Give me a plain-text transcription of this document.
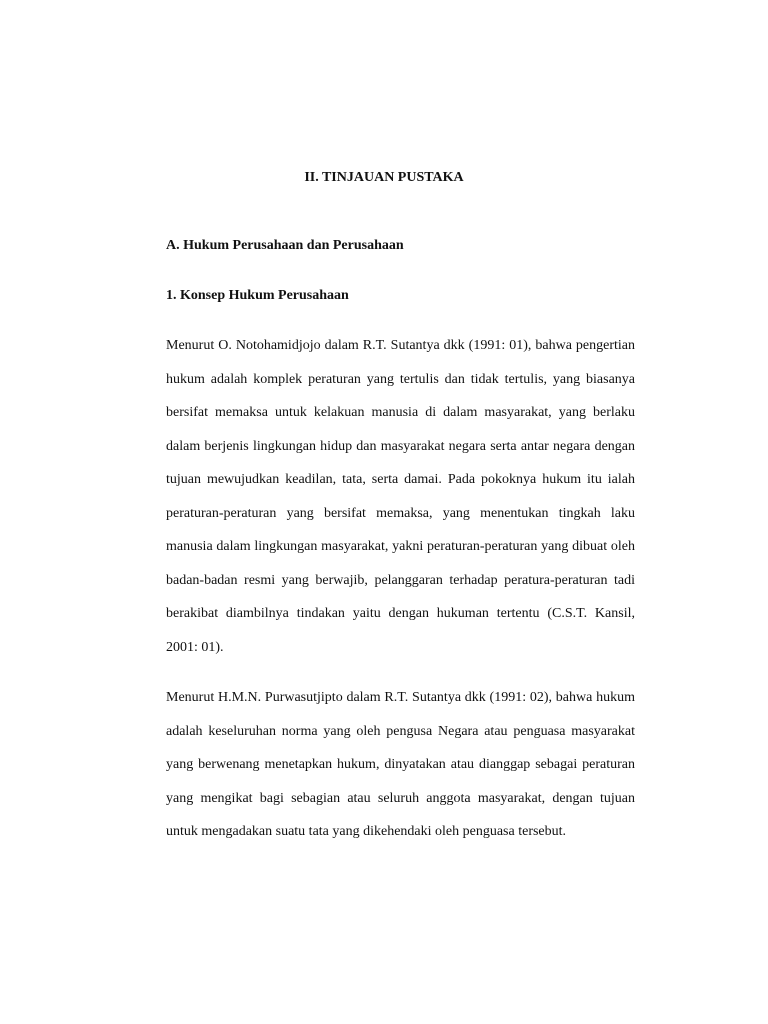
II. TINJAUAN PUSTAKA
A. Hukum Perusahaan dan Perusahaan
1. Konsep Hukum Perusahaan

Menurut O. Notohamidjojo dalam R.T. Sutantya dkk (1991: 01), bahwa pengertian hukum adalah komplek peraturan yang tertulis dan tidak tertulis, yang biasanya bersifat memaksa untuk kelakuan manusia di dalam masyarakat, yang berlaku dalam berjenis lingkungan hidup dan masyarakat negara serta antar negara dengan tujuan mewujudkan keadilan, tata, serta damai. Pada pokoknya hukum itu ialah peraturan-peraturan yang bersifat memaksa, yang menentukan tingkah laku manusia dalam lingkungan masyarakat, yakni peraturan-peraturan yang dibuat oleh badan-badan resmi yang berwajib, pelanggaran terhadap peratura-peraturan tadi berakibat diambilnya tindakan yaitu dengan hukuman tertentu (C.S.T. Kansil, 2001: 01).

Menurut H.M.N. Purwasutjipto dalam R.T. Sutantya dkk (1991: 02), bahwa hukum adalah keseluruhan norma yang oleh pengusa Negara atau penguasa masyarakat yang berwenang menetapkan hukum, dinyatakan atau dianggap sebagai peraturan yang mengikat bagi sebagian atau seluruh anggota masyarakat, dengan tujuan untuk mengadakan suatu tata yang dikehendaki oleh penguasa tersebut.
